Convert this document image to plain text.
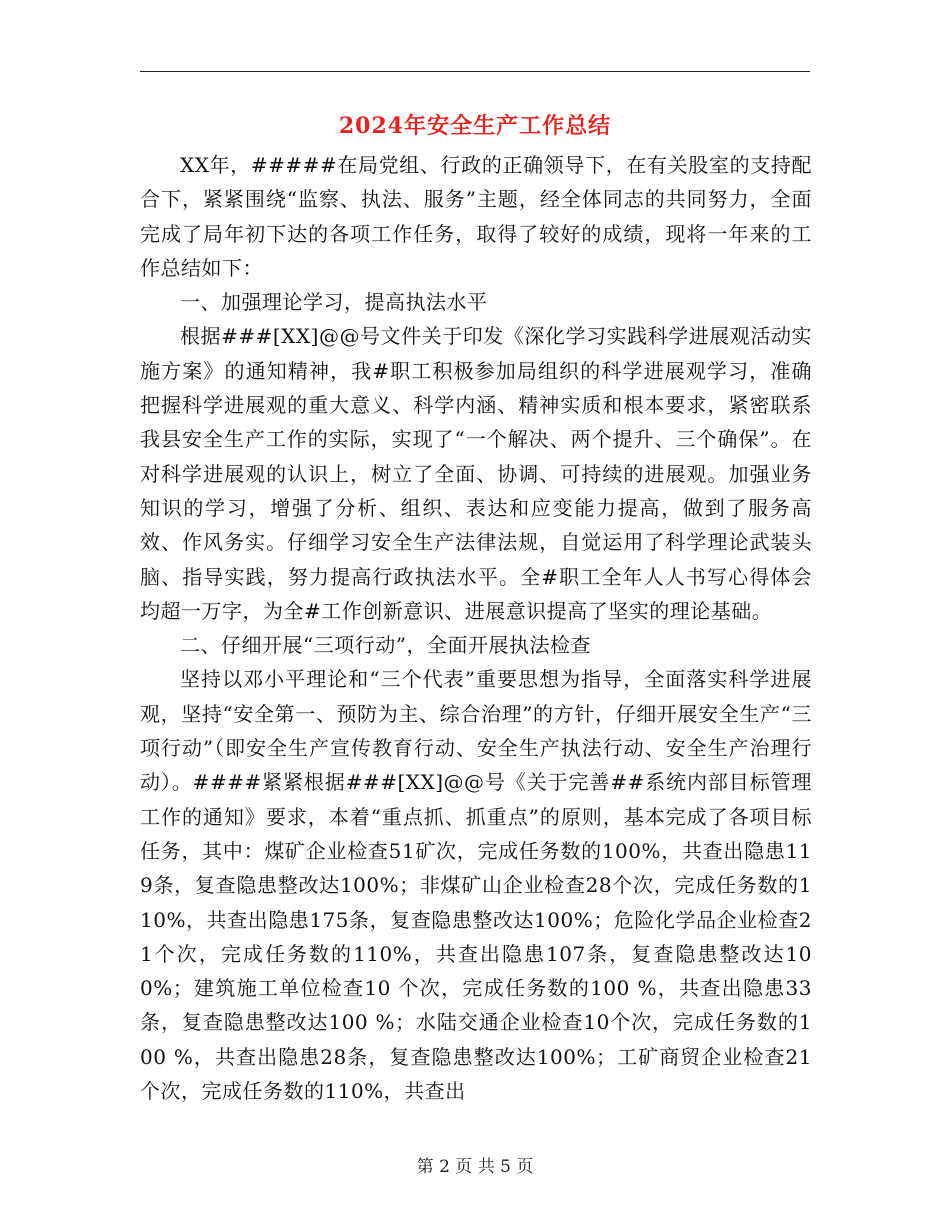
2024年安全生产工作总结

XX年，#####在局党组、行政的正确领导下，在有关股室的支持配合下，紧紧围绕“监察、执法、服务”主题，经全体同志的共同努力，全面完成了局年初下达的各项工作任务，取得了较好的成绩，现将一年来的工作总结如下：

一、加强理论学习，提高执法水平

根据###[XX]@@号文件关于印发《深化学习实践科学进展观活动实施方案》的通知精神，我#职工积极参加局组织的科学进展观学习，准确把握科学进展观的重大意义、科学内涵、精神实质和根本要求，紧密联系我县安全生产工作的实际，实现了“一个解决、两个提升、三个确保”。在对科学进展观的认识上，树立了全面、协调、可持续的进展观。加强业务知识的学习，增强了分析、组织、表达和应变能力提高，做到了服务高效、作风务实。仔细学习安全生产法律法规，自觉运用了科学理论武装头脑、指导实践，努力提高行政执法水平。全#职工全年人人书写心得体会均超一万字，为全#工作创新意识、进展意识提高了坚实的理论基础。

二、仔细开展“三项行动”，全面开展执法检查

坚持以邓小平理论和“三个代表”重要思想为指导，全面落实科学进展观，坚持“安全第一、预防为主、综合治理”的方针，仔细开展安全生产“三项行动”（即安全生产宣传教育行动、安全生产执法行动、安全生产治理行动）。####紧紧根据###[XX]@@号《关于完善##系统内部目标管理工作的通知》要求，本着“重点抓、抓重点”的原则，基本完成了各项目标任务，其中：煤矿企业检查51矿次，完成任务数的100%，共查出隐患119条，复查隐患整改达100%；非煤矿山企业检查28个次，完成任务数的110%，共查出隐患175条，复查隐患整改达100%；危险化学品企业检查21个次，完成任务数的110%，共查出隐患107条，复查隐患整改达100%；建筑施工单位检查10 个次，完成任务数的100 %，共查出隐患33条，复查隐患整改达100 %；水陆交通企业检查10个次，完成任务数的100 %，共查出隐患28条，复查隐患整改达100%；工矿商贸企业检查21个次，完成任务数的110%，共查出

第 2 页 共 5 页
